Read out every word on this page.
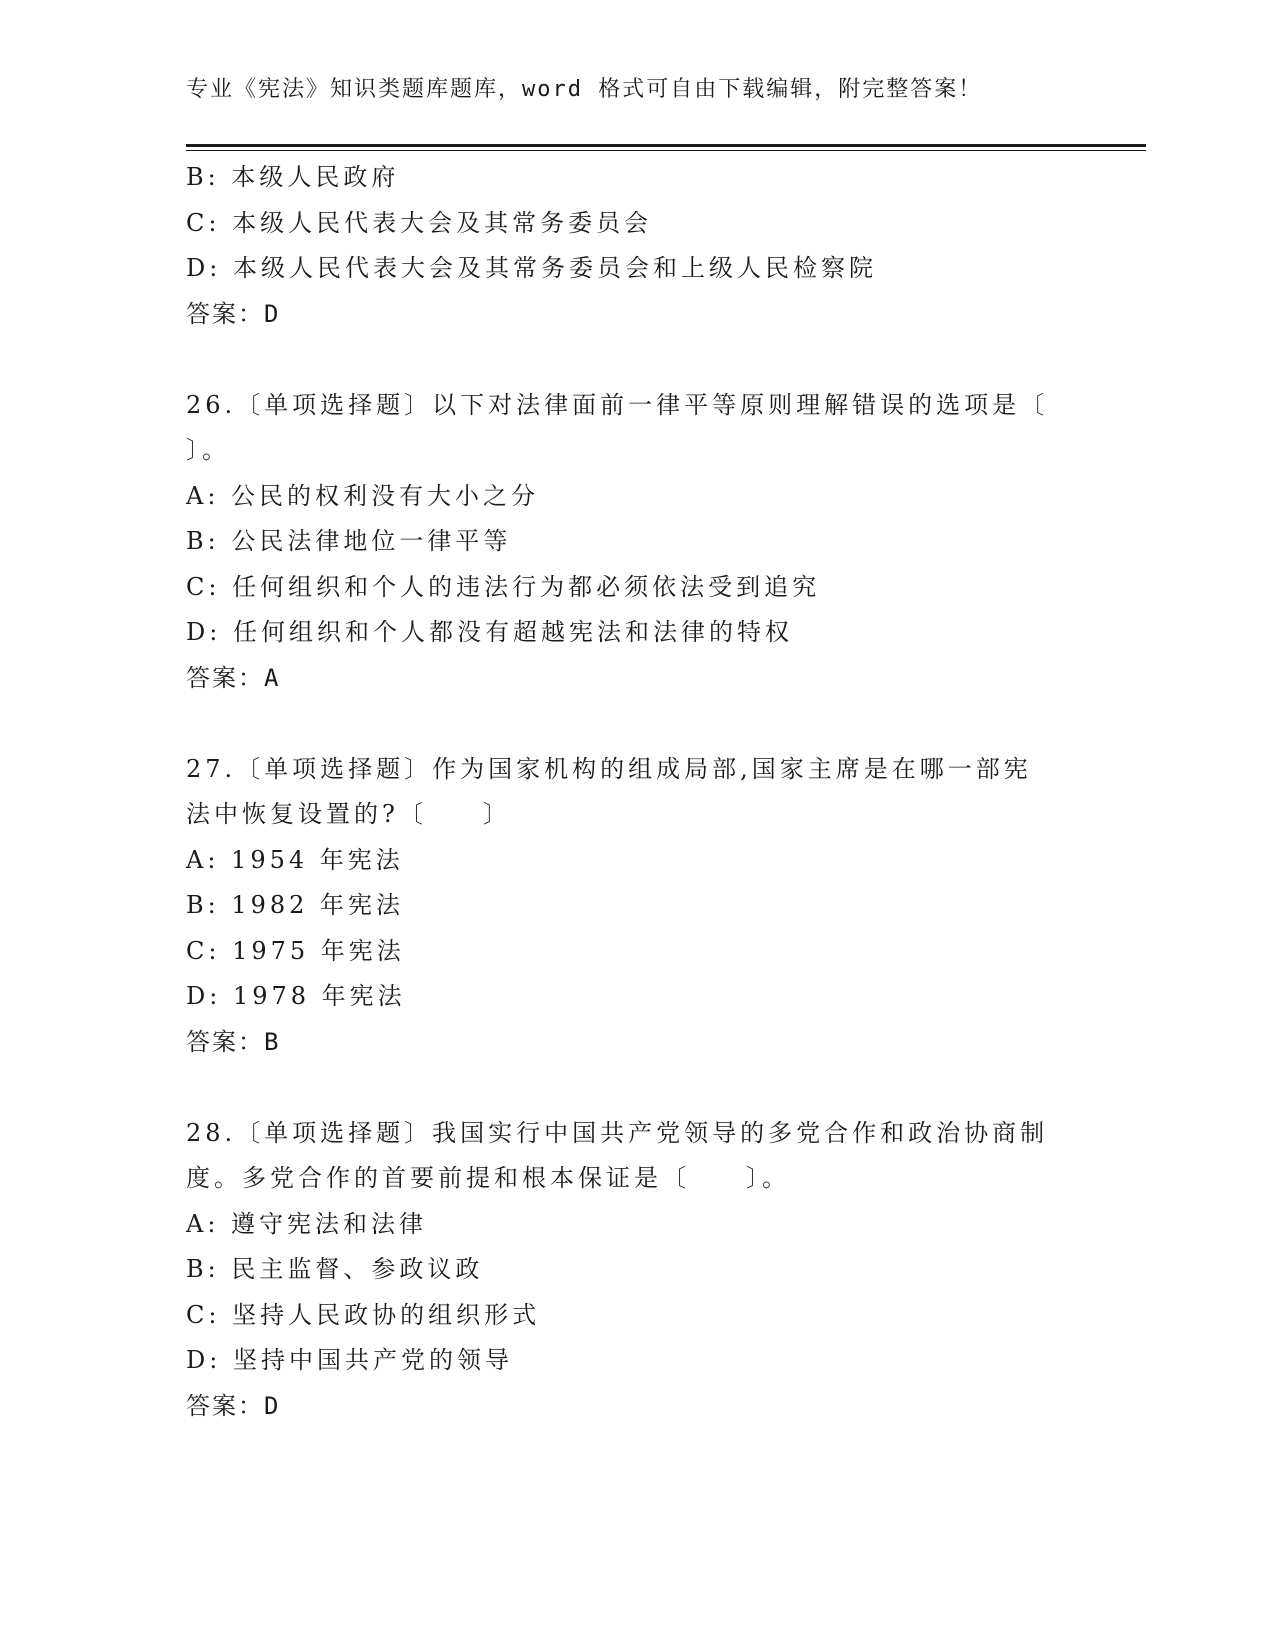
专业《宪法》知识类题库题库，word 格式可自由下载编辑，附完整答案！
B: 本级人民政府
C: 本级人民代表大会及其常务委员会
D: 本级人民代表大会及其常务委员会和上级人民检察院
答案：D
26.〔单项选择题〕以下对法律面前一律平等原则理解错误的选项是〔
〕。
A: 公民的权利没有大小之分
B: 公民法律地位一律平等
C: 任何组织和个人的违法行为都必须依法受到追究
D: 任何组织和个人都没有超越宪法和法律的特权
答案：A
27.〔单项选择题〕作为国家机构的组成局部,国家主席是在哪一部宪
法中恢复设置的?〔　　〕
A: 1954 年宪法
B: 1982 年宪法
C: 1975 年宪法
D: 1978 年宪法
答案：B
28.〔单项选择题〕我国实行中国共产党领导的多党合作和政治协商制
度。多党合作的首要前提和根本保证是〔　　〕。
A: 遵守宪法和法律
B: 民主监督、参政议政
C: 坚持人民政协的组织形式
D: 坚持中国共产党的领导
答案：D
